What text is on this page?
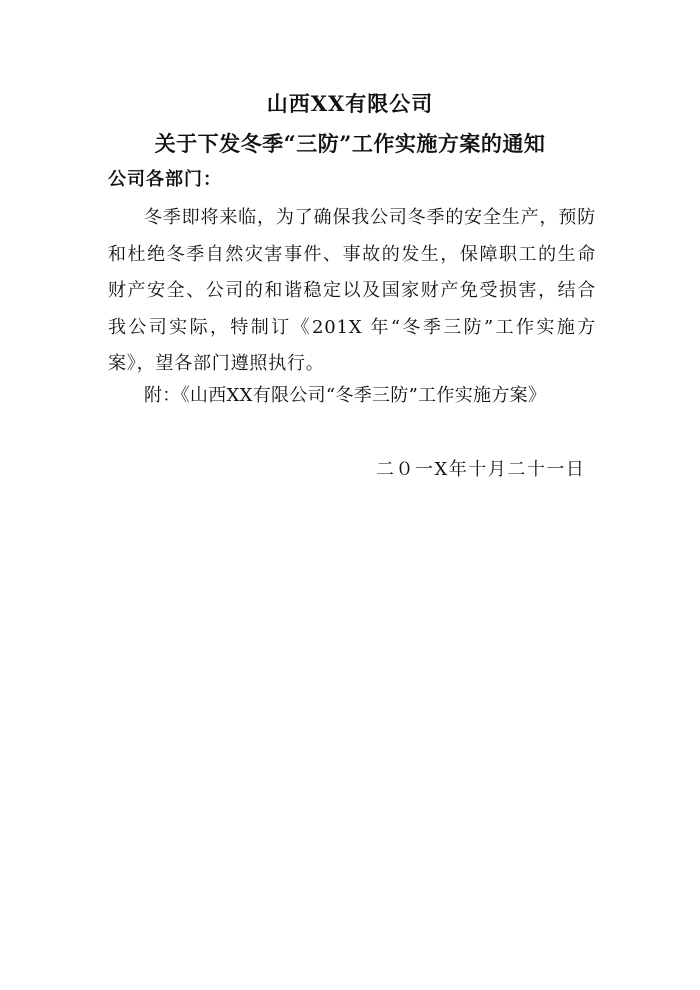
山西XX有限公司
关于下发冬季“三防”工作实施方案的通知
公司各部门：

冬季即将来临，为了确保我公司冬季的安全生产，预防和杜绝冬季自然灾害事件、事故的发生，保障职工的生命财产安全、公司的和谐稳定以及国家财产免受损害，结合我公司实际，特制订《201X 年“冬季三防”工作实施方案》，望各部门遵照执行。

附：《山西XX有限公司“冬季三防”工作实施方案》

二０一X年十月二十一日
